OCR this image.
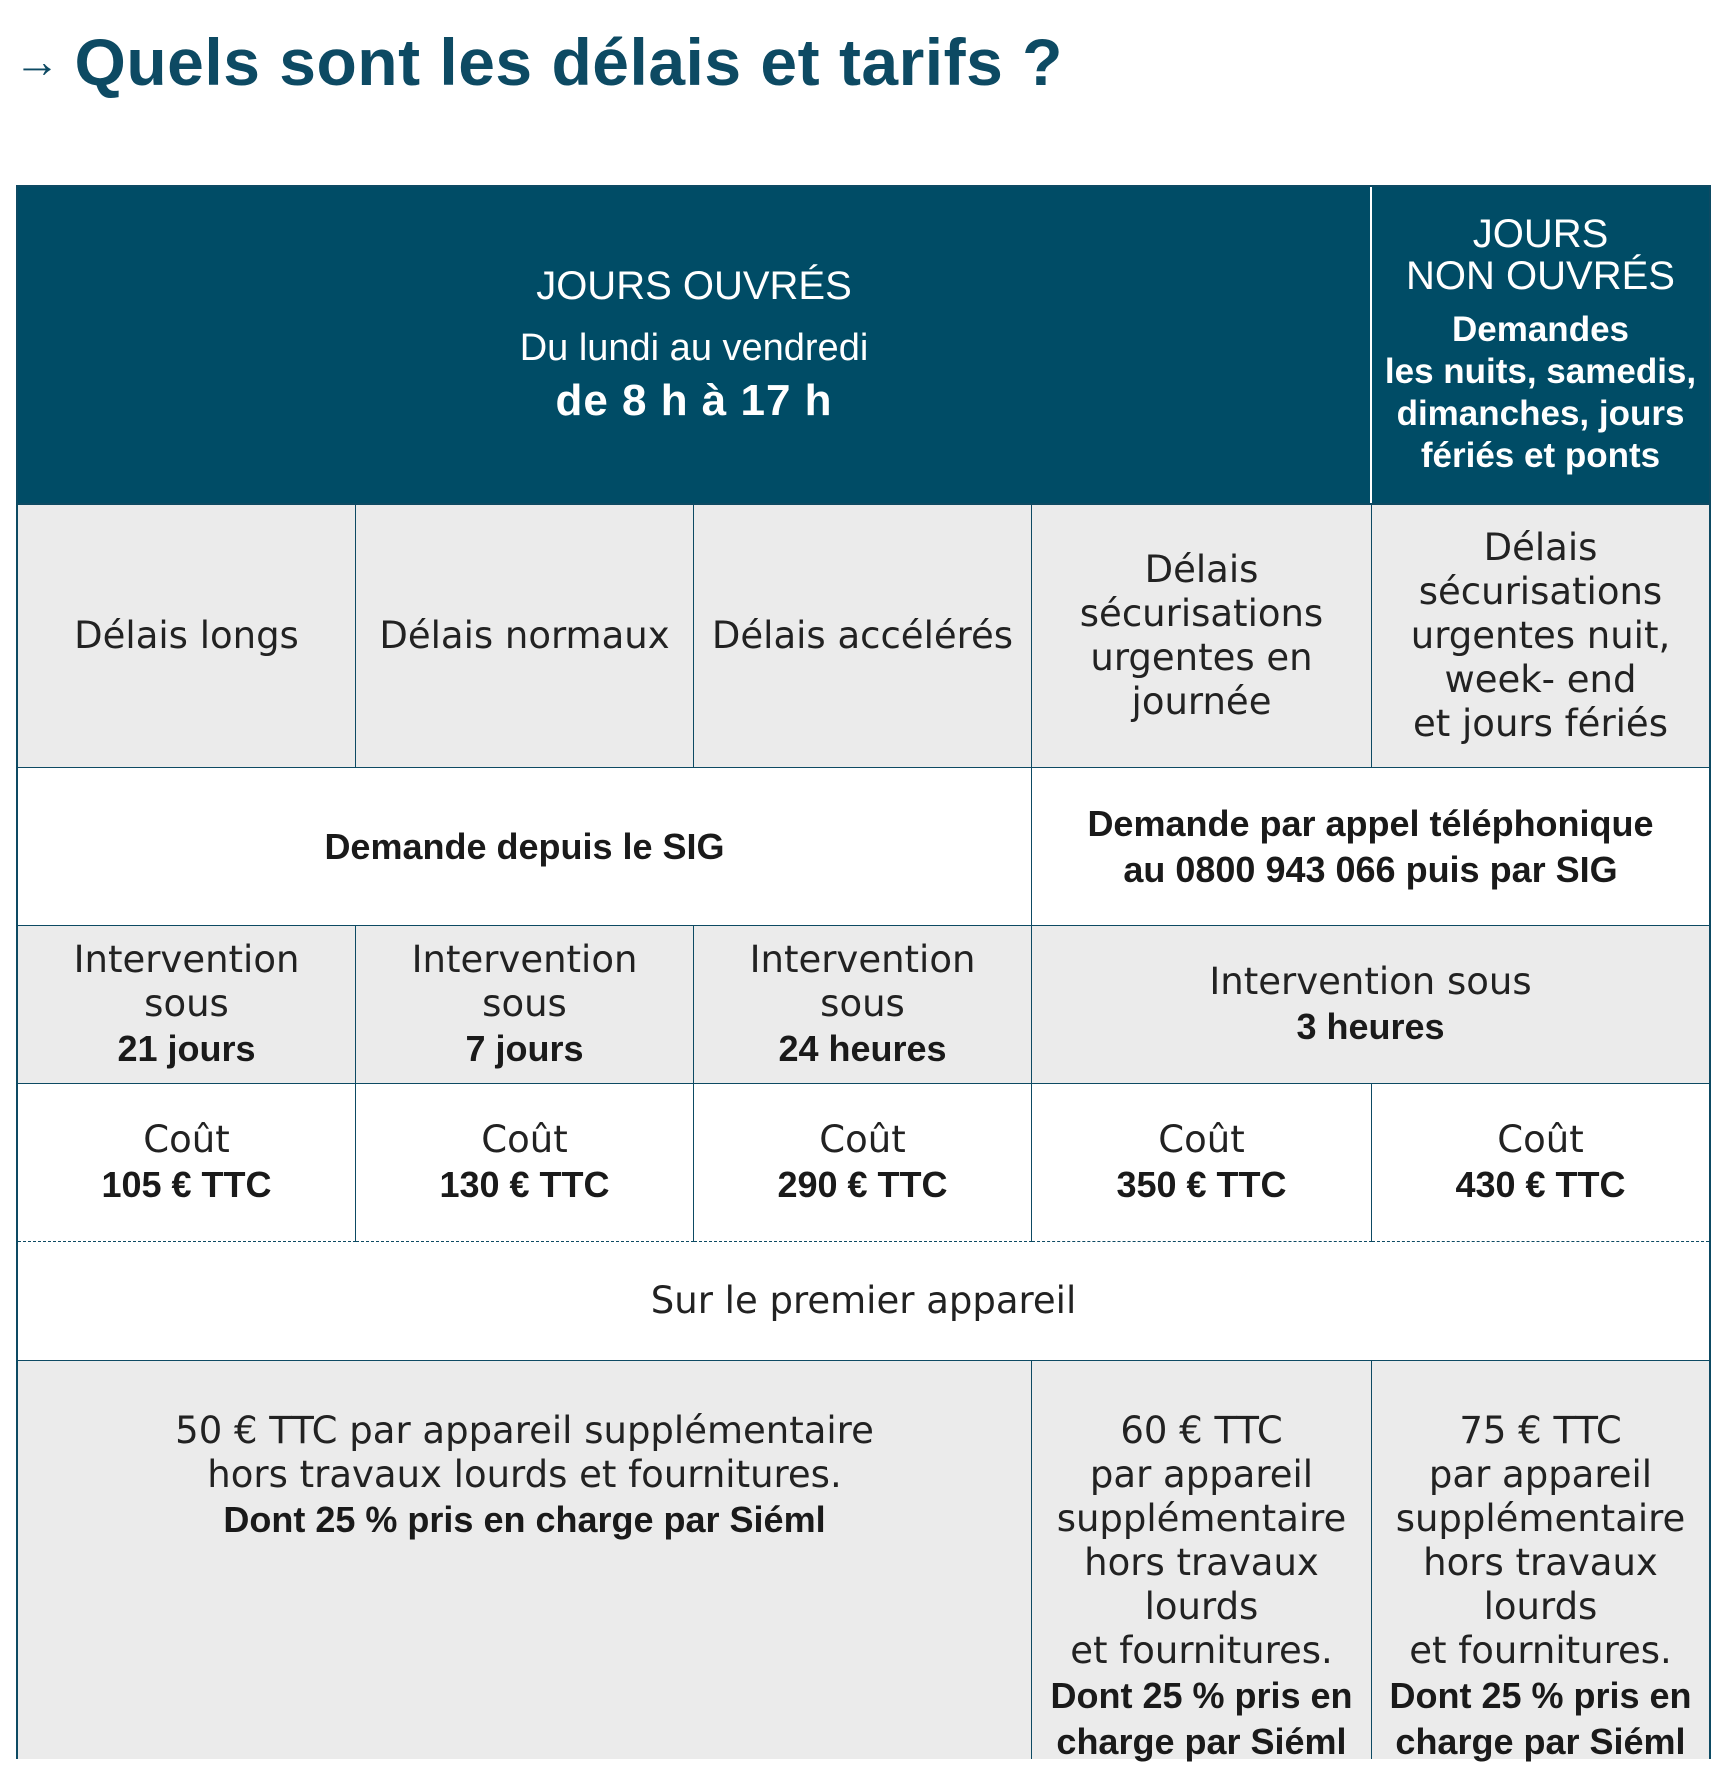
→ Quels sont les délais et tarifs ?
JOURS OUVRÉS
Du lundi au vendredi
de 8 h à 17 h
JOURS
NON OUVRÉS
Demandes
les nuits, samedis,
dimanches, jours
fériés et ponts
Délais longs Délais normaux Délais accélérés
Délais
sécurisations
urgentes en
journée
Délais
sécurisations
urgentes nuit,
week- end
et jours fériés
Demande depuis le SIG
Demande par appel téléphonique
au 0800 943 066 puis par SIG
Intervention sous
21 jours
Intervention sous
7 jours
Intervention sous
24 heures
Intervention sous
3 heures
Coût
105 € TTC
Coût
130 € TTC
Coût
290 € TTC
Coût
350 € TTC
Coût
430 € TTC
Sur le premier appareil
50 € TTC par appareil supplémentaire
hors travaux lourds et fournitures.
Dont 25 % pris en charge par Siéml
60 € TTC
par appareil
supplémentaire
hors travaux lourds
et fournitures.
Dont 25 % pris en
charge par Siéml
75 € TTC
par appareil
supplémentaire
hors travaux lourds
et fournitures.
Dont 25 % pris en
charge par Siéml
